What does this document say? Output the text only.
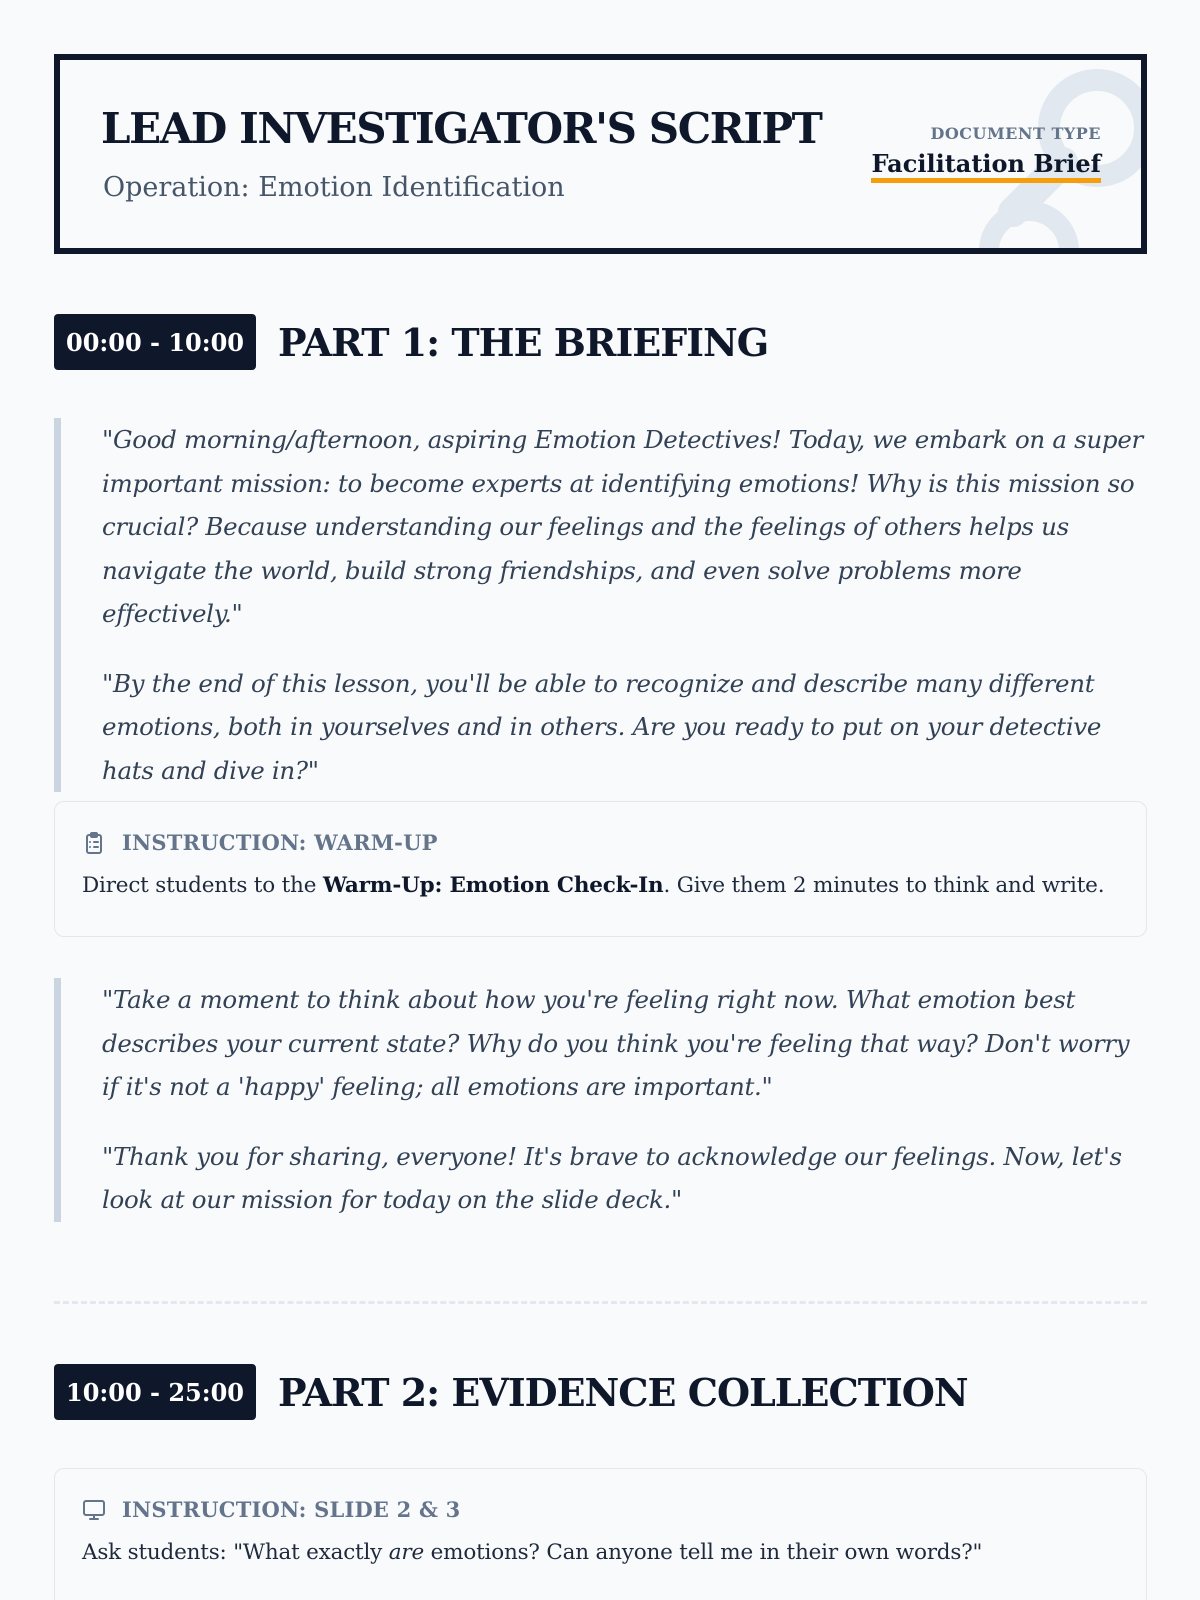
LEAD INVESTIGATOR'S SCRIPT
Operation: Emotion Identification
DOCUMENT TYPE
Facilitation Brief
00:00 - 10:00 PART 1: THE BRIEFING

"Good morning/afternoon, aspiring Emotion Detectives! Today, we embark on a super important mission: to become experts at identifying emotions! Why is this mission so crucial? Because understanding our feelings and the feelings of others helps us navigate the world, build strong friendships, and even solve problems more effectively."

"By the end of this lesson, you'll be able to recognize and describe many different emotions, both in yourselves and in others. Are you ready to put on your detective hats and dive in?"

INSTRUCTION: WARM-UP
Direct students to the Warm-Up: Emotion Check-In. Give them 2 minutes to think and write.

"Take a moment to think about how you're feeling right now. What emotion best describes your current state? Why do you think you're feeling that way? Don't worry if it's not a 'happy' feeling; all emotions are important."

"Thank you for sharing, everyone! It's brave to acknowledge our feelings. Now, let's look at our mission for today on the slide deck."

10:00 - 25:00 PART 2: EVIDENCE COLLECTION
INSTRUCTION: SLIDE 2 & 3
Ask students: "What exactly are emotions? Can anyone tell me in their own words?"
